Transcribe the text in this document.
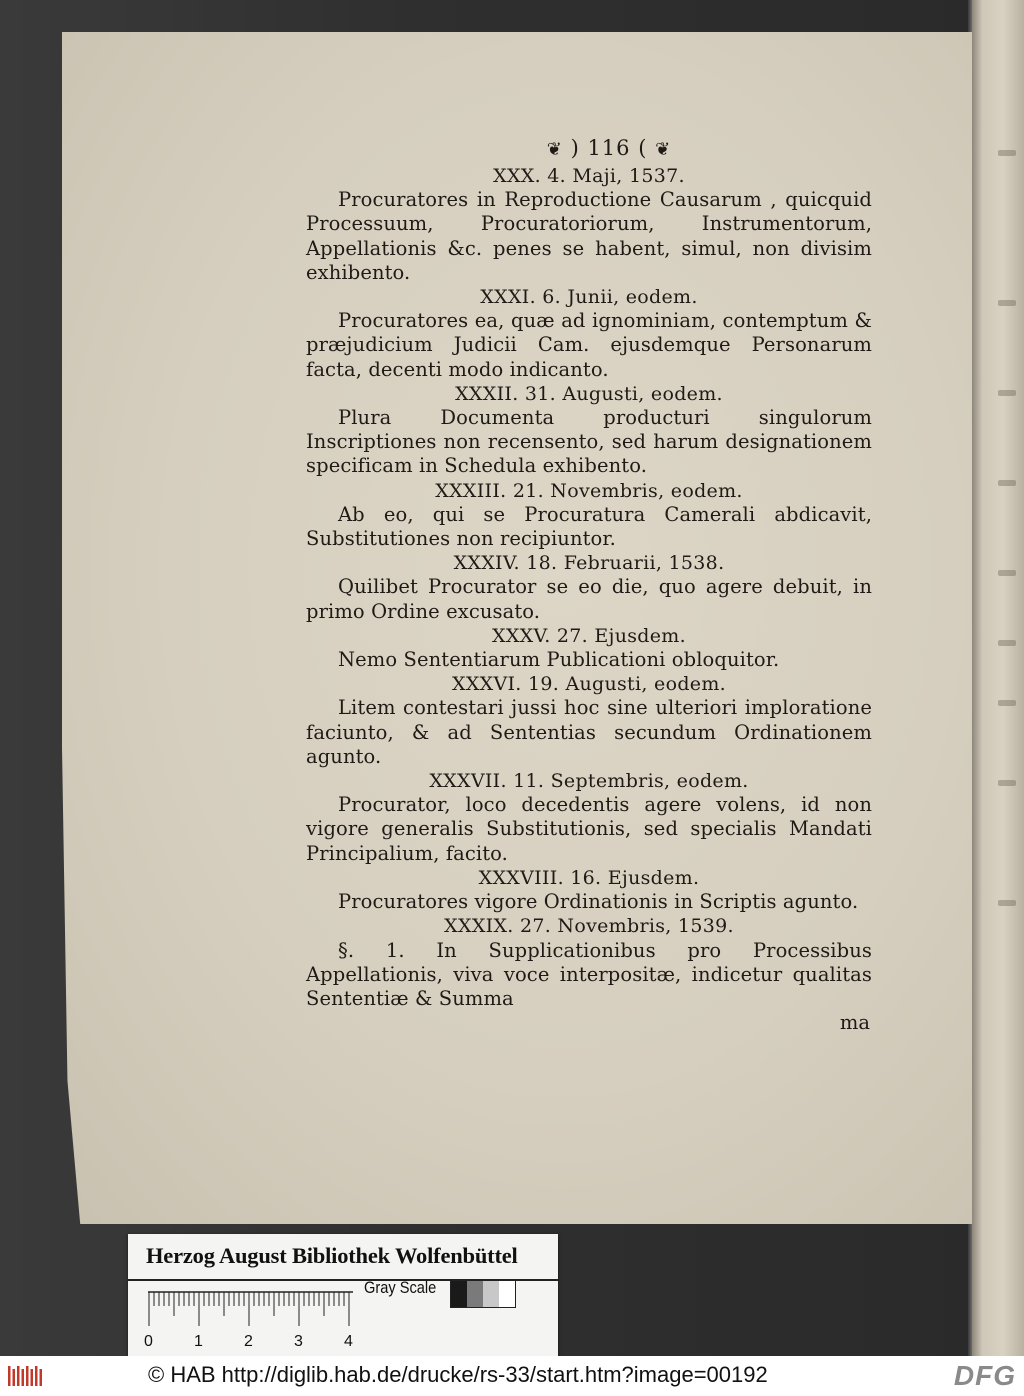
❦ ) 116 ( ❦
XXX. 4. Maji, 1537.
Procuratores in Reproductione Causarum , quicquid Processuum, Procuratoriorum, Instrumentorum, Appellationis &c. penes se habent, simul, non divisim exhibento.
XXXI. 6. Junii, eodem.
Procuratores ea, quæ ad ignominiam, contemptum & præjudicium Judicii Cam. ejusdemque Personarum facta, decenti modo indicanto.
XXXII. 31. Augusti, eodem.
Plura Documenta producturi singulorum Inscriptiones non recensento, sed harum designationem specificam in Schedula exhibento.
XXXIII. 21. Novembris, eodem.
Ab eo, qui se Procuratura Camerali abdicavit, Substitutiones non recipiuntor.
XXXIV. 18. Februarii, 1538.
Quilibet Procurator se eo die, quo agere debuit, in primo Ordine excusato.
XXXV. 27. Ejusdem.
Nemo Sententiarum Publicationi obloquitor.
XXXVI. 19. Augusti, eodem.
Litem contestari jussi hoc sine ulteriori imploratione faciunto, & ad Sententias secundum Ordinationem agunto.
XXXVII. 11. Septembris, eodem.
Procurator, loco decedentis agere volens, id non vigore generalis Substitutionis, sed specialis Mandati Principalium, facito.
XXXVIII. 16. Ejusdem.
Procuratores vigore Ordinationis in Scriptis agunto.
XXXIX. 27. Novembris, 1539.
§. 1. In Supplicationibus pro Processibus Appellationis, viva voce interpositæ, indicetur qualitas Sententiæ & Summa
ma
Herzog August Bibliothek Wolfenbüttel
0	1	2	3	4
Gray Scale
© HAB http://diglib.hab.de/drucke/rs-33/start.htm?image=00192	DFG
